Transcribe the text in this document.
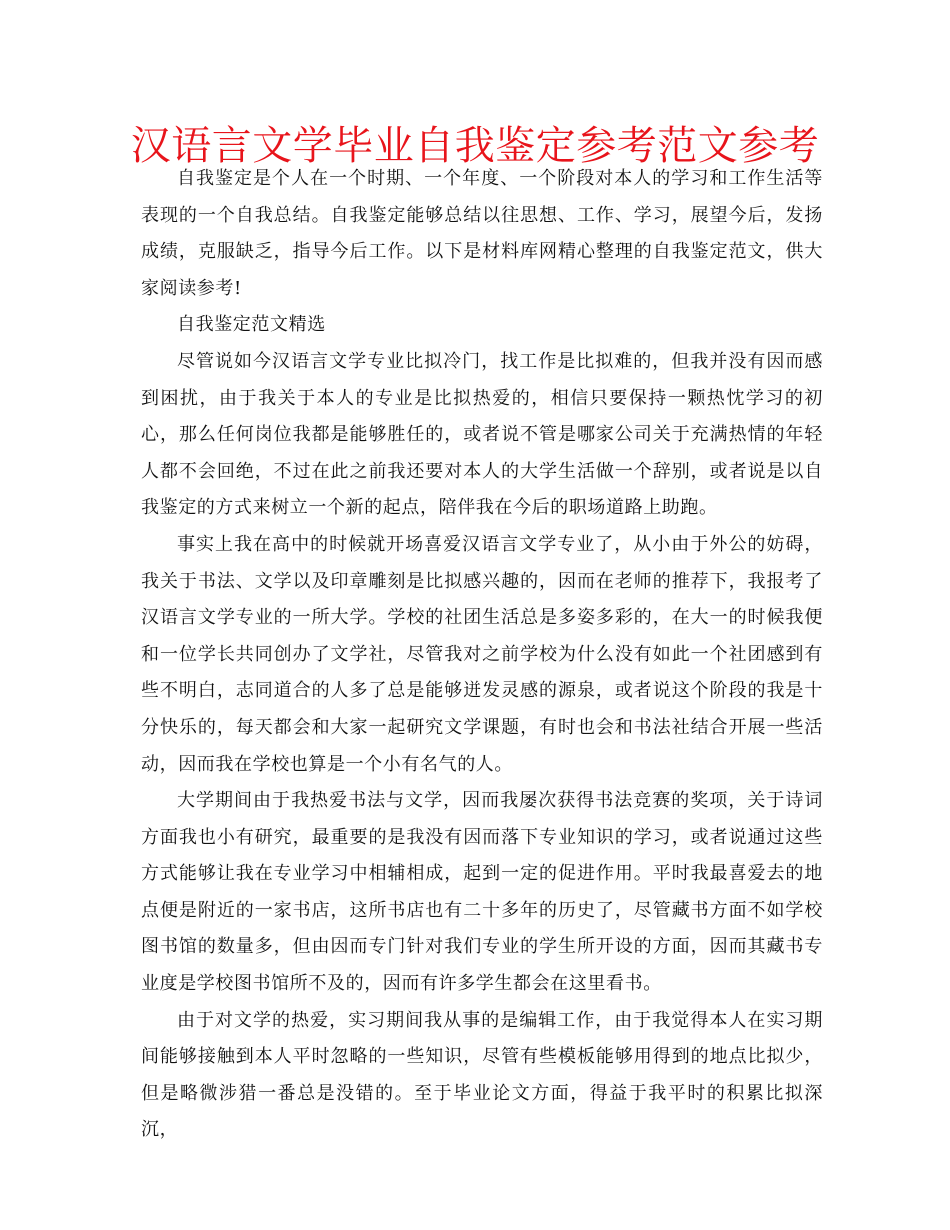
汉语言文学毕业自我鉴定参考范文参考

自我鉴定是个人在一个时期、一个年度、一个阶段对本人的学习和工作生活等表现的一个自我总结。自我鉴定能够总结以往思想、工作、学习，展望今后，发扬成绩，克服缺乏，指导今后工作。以下是材料库网精心整理的自我鉴定范文，供大家阅读参考!

自我鉴定范文精选

尽管说如今汉语言文学专业比拟冷门，找工作是比拟难的，但我并没有因而感到困扰，由于我关于本人的专业是比拟热爱的，相信只要保持一颗热忱学习的初心，那么任何岗位我都是能够胜任的，或者说不管是哪家公司关于充满热情的年轻人都不会回绝，不过在此之前我还要对本人的大学生活做一个辞别，或者说是以自我鉴定的方式来树立一个新的起点，陪伴我在今后的职场道路上助跑。

事实上我在高中的时候就开场喜爱汉语言文学专业了，从小由于外公的妨碍，我关于书法、文学以及印章雕刻是比拟感兴趣的，因而在老师的推荐下，我报考了汉语言文学专业的一所大学。学校的社团生活总是多姿多彩的，在大一的时候我便和一位学长共同创办了文学社，尽管我对之前学校为什么没有如此一个社团感到有些不明白，志同道合的人多了总是能够迸发灵感的源泉，或者说这个阶段的我是十分快乐的，每天都会和大家一起研究文学课题，有时也会和书法社结合开展一些活动，因而我在学校也算是一个小有名气的人。

大学期间由于我热爱书法与文学，因而我屡次获得书法竞赛的奖项，关于诗词方面我也小有研究，最重要的是我没有因而落下专业知识的学习，或者说通过这些方式能够让我在专业学习中相辅相成，起到一定的促进作用。平时我最喜爱去的地点便是附近的一家书店，这所书店也有二十多年的历史了，尽管藏书方面不如学校图书馆的数量多，但由因而专门针对我们专业的学生所开设的方面，因而其藏书专业度是学校图书馆所不及的，因而有许多学生都会在这里看书。

由于对文学的热爱，实习期间我从事的是编辑工作，由于我觉得本人在实习期间能够接触到本人平时忽略的一些知识，尽管有些模板能够用得到的地点比拟少，但是略微涉猎一番总是没错的。至于毕业论文方面，得益于我平时的积累比拟深沉，
